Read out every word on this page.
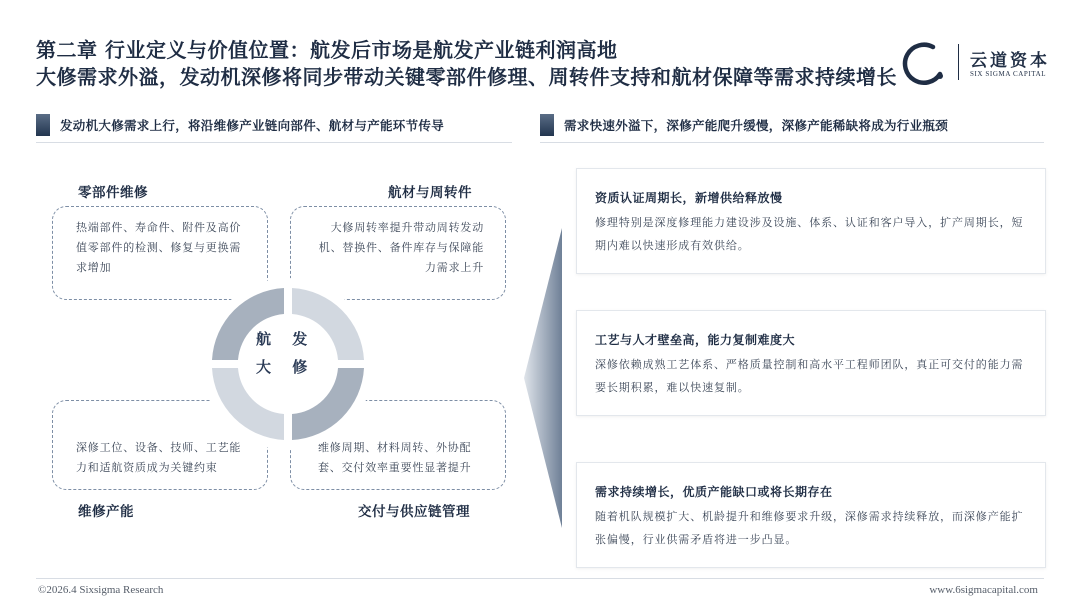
第二章 行业定义与价值位置：航发后市场是航发产业链利润高地
大修需求外溢，发动机深修将同步带动关键零部件修理、周转件支持和航材保障等需求持续增长
云道资本
SIX SIGMA CAPITAL
发动机大修需求上行，将沿维修产业链向部件、航材与产能环节传导	需求快速外溢下，深修产能爬升缓慢，深修产能稀缺将成为行业瓶颈
零部件维修	航材与周转件
维修产能	交付与供应链管理
热端部件、寿命件、附件及高价值零部件的检测、修复与更换需求增加
大修周转率提升带动周转发动机、替换件、备件库存与保障能力需求上升
深修工位、设备、技师、工艺能力和适航资质成为关键约束
维修周期、材料周转、外协配套、交付效率重要性显著提升
航 发
大 修
资质认证周期长，新增供给释放慢
修理特别是深度修理能力建设涉及设施、体系、认证和客户导入，扩产周期长，短期内难以快速形成有效供给。
工艺与人才壁垒高，能力复制难度大
深修依赖成熟工艺体系、严格质量控制和高水平工程师团队，真正可交付的能力需要长期积累，难以快速复制。
需求持续增长，优质产能缺口或将长期存在
随着机队规模扩大、机龄提升和维修要求升级，深修需求持续释放，而深修产能扩张偏慢，行业供需矛盾将进一步凸显。
©2026.4 Sixsigma Research	www.6sigmacapital.com
